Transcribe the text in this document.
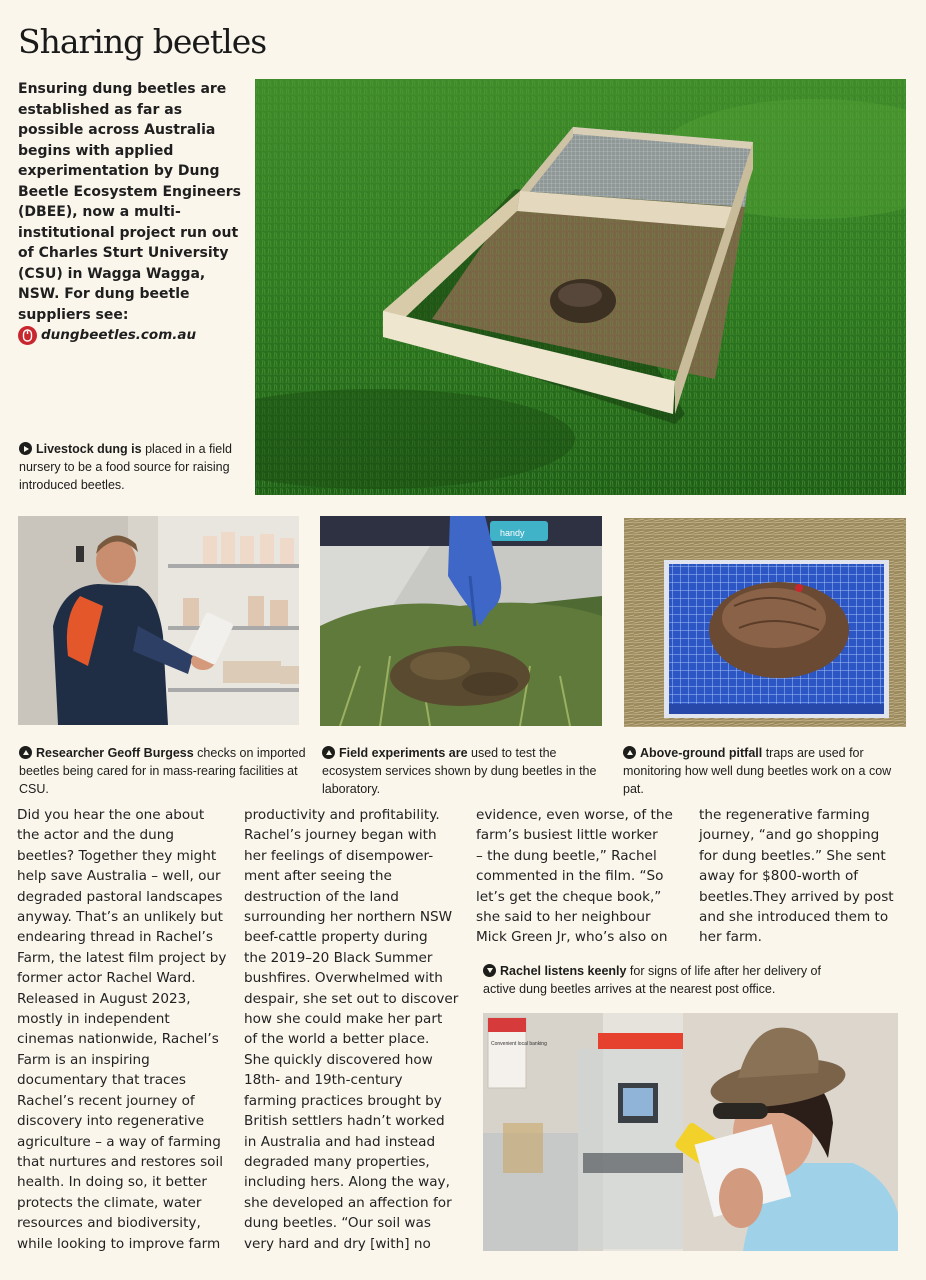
Sharing beetles
Ensuring dung beetles are established as far as possible across Australia begins with applied experimentation by Dung Beetle Ecosystem Engineers (DBEE), now a multi-institutional project run out of Charles Sturt University (CSU) in Wagga Wagga, NSW. For dung beetle suppliers see:
dungbeetles.com.au
Livestock dung is placed in a field nursery to be a food source for raising introduced beetles.
handy
Researcher Geoff Burgess checks on imported beetles being cared for in mass-rearing facilities at CSU.
Field experiments are used to test the ecosystem services shown by dung beetles in the laboratory.
Above-ground pitfall traps are used for monitoring how well dung beetles work on a cow pat.

Did you hear the one about
the actor and the dung
beetles? Together they might
help save Australia – well, our
degraded pastoral landscapes
anyway. That’s an unlikely but
endearing thread in Rachel’s
Farm, the latest film project by
former actor Rachel Ward.
Released in August 2023,
mostly in independent
cinemas nationwide, Rachel’s
Farm is an inspiring
documentary that traces
Rachel’s recent journey of
discovery into regenerative
agriculture – a way of farming
that nurtures and restores soil
health. In doing so, it better
protects the climate, water
resources and biodiversity,
while looking to improve farm

productivity and profitability.
Rachel’s journey began with
her feelings of disempower-
ment after seeing the
destruction of the land
surrounding her northern NSW
beef-cattle property during
the 2019–20 Black Summer
bushfires. Overwhelmed with
despair, she set out to discover
how she could make her part
of the world a better place.
She quickly discovered how
18th- and 19th-century
farming practices brought by
British settlers hadn’t worked
in Australia and had instead
degraded many properties,
including hers. Along the way,
she developed an affection for
dung beetles. “Our soil was
very hard and dry [with] no

evidence, even worse, of the
farm’s busiest little worker
– the dung beetle,” Rachel
commented in the film. “So
let’s get the cheque book,”
she said to her neighbour
Mick Green Jr, who’s also on

the regenerative farming
journey, “and go shopping
for dung beetles.” She sent
away for $800-worth of
beetles.They arrived by post
and she introduced them to
her farm.

Rachel listens keenly for signs of life after her delivery of active dung beetles arrives at the nearest post office.
Convenient local banking
